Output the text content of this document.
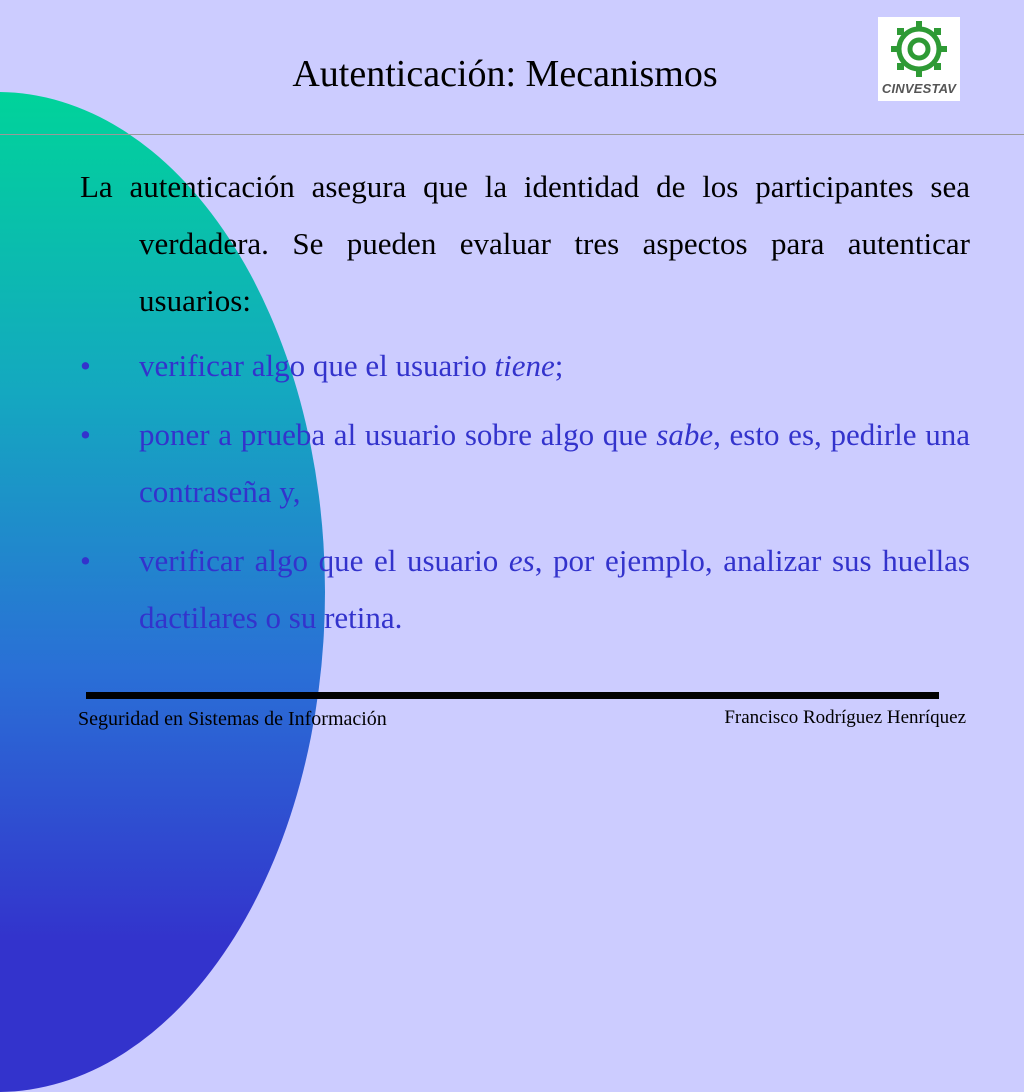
Autenticación: Mecanismos	CINVESTAV
La autenticación asegura que la identidad de los participantes sea verdadera. Se pueden evaluar tres aspectos para autenticar usuarios:
• verificar algo que el usuario tiene;
• poner a prueba al usuario sobre algo que sabe, esto es, pedirle una contraseña y,
• verificar algo que el usuario es, por ejemplo, analizar sus huellas dactilares o su retina.
Seguridad en Sistemas de Información	Francisco Rodríguez Henríquez
